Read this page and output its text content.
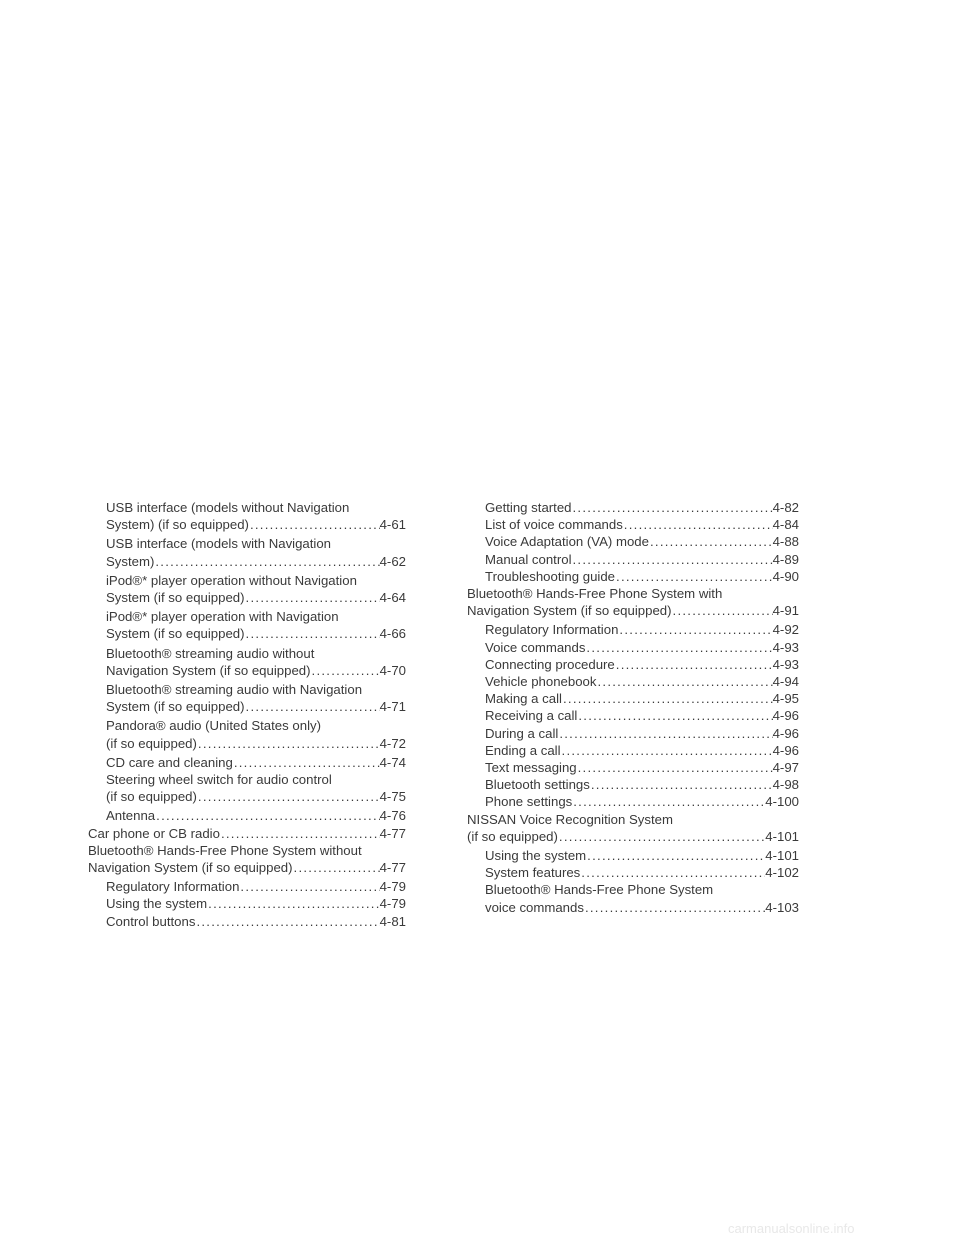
USB interface (models without Navigation
System) (if so equipped) . . .	4-61
USB interface (models with Navigation
System) . . .	4-62
iPod®* player operation without Navigation
System (if so equipped) . . .	4-64
iPod®* player operation with Navigation
System (if so equipped) . . .	4-66
Bluetooth® streaming audio without
Navigation System (if so equipped) . . .	4-70
Bluetooth® streaming audio with Navigation
System (if so equipped) . . .	4-71
Pandora® audio (United States only)
(if so equipped) . . .	4-72
CD care and cleaning . . .	4-74
Steering wheel switch for audio control
(if so equipped) . . .	4-75
Antenna . . .	4-76
Car phone or CB radio . . .	4-77
Bluetooth® Hands-Free Phone System without
Navigation System (if so equipped) . . .	4-77
Regulatory Information . . .	4-79
Using the system . . .	4-79
Control buttons . . .	4-81
Getting started . . .	4-82
List of voice commands . . .	4-84
Voice Adaptation (VA) mode . . .	4-88
Manual control . . .	4-89
Troubleshooting guide . . .	4-90
Bluetooth® Hands-Free Phone System with
Navigation System (if so equipped) . . .	4-91
Regulatory Information . . .	4-92
Voice commands . . .	4-93
Connecting procedure . . .	4-93
Vehicle phonebook . . .	4-94
Making a call . . .	4-95
Receiving a call . . .	4-96
During a call . . .	4-96
Ending a call . . .	4-96
Text messaging . . .	4-97
Bluetooth settings . . .	4-98
Phone settings . . .	4-100
NISSAN Voice Recognition System
(if so equipped) . . .	4-101
Using the system . . .	4-101
System features . . .	4-102
Bluetooth® Hands-Free Phone System
voice commands . . .	4-103
carmanualsonline.info
